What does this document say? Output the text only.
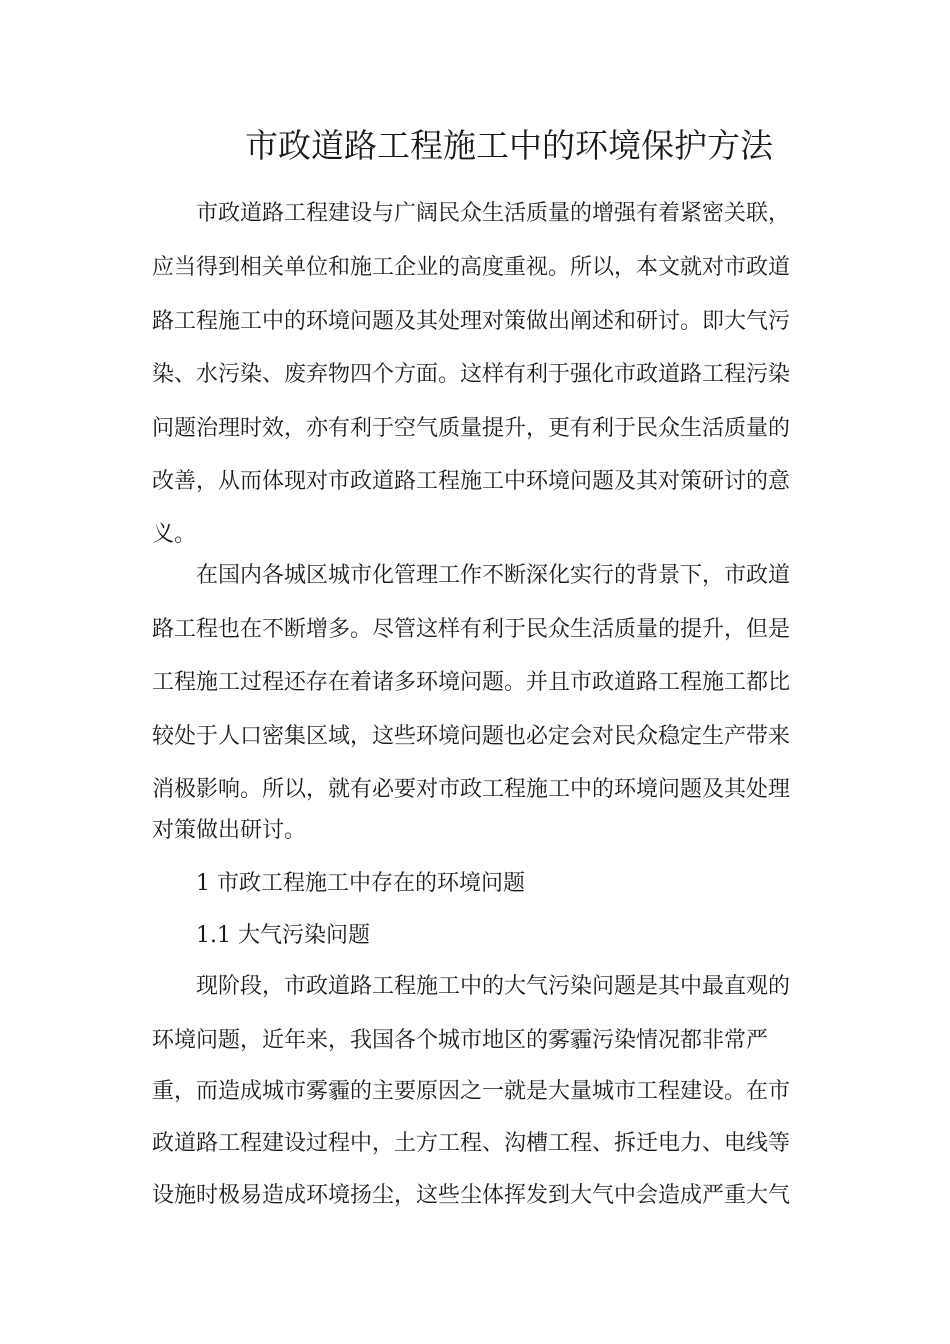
市政道路工程施工中的环境保护方法

　　市政道路工程建设与广阔民众生活质量的增强有着紧密关联，

应当得到相关单位和施工企业的高度重视。所以，本文就对市政道

路工程施工中的环境问题及其处理对策做出阐述和研讨。即大气污

染、水污染、废弃物四个方面。这样有利于强化市政道路工程污染

问题治理时效，亦有利于空气质量提升，更有利于民众生活质量的

改善，从而体现对市政道路工程施工中环境问题及其对策研讨的意

义。

　　在国内各城区城市化管理工作不断深化实行的背景下，市政道

路工程也在不断增多。尽管这样有利于民众生活质量的提升，但是

工程施工过程还存在着诸多环境问题。并且市政道路工程施工都比

较处于人口密集区域，这些环境问题也必定会对民众稳定生产带来

消极影响。所以，就有必要对市政工程施工中的环境问题及其处理

对策做出研讨。

　　1 市政工程施工中存在的环境问题

　　1.1 大气污染问题

　　现阶段，市政道路工程施工中的大气污染问题是其中最直观的

环境问题，近年来，我国各个城市地区的雾霾污染情况都非常严

重，而造成城市雾霾的主要原因之一就是大量城市工程建设。在市

政道路工程建设过程中，土方工程、沟槽工程、拆迁电力、电线等

设施时极易造成环境扬尘，这些尘体挥发到大气中会造成严重大气
